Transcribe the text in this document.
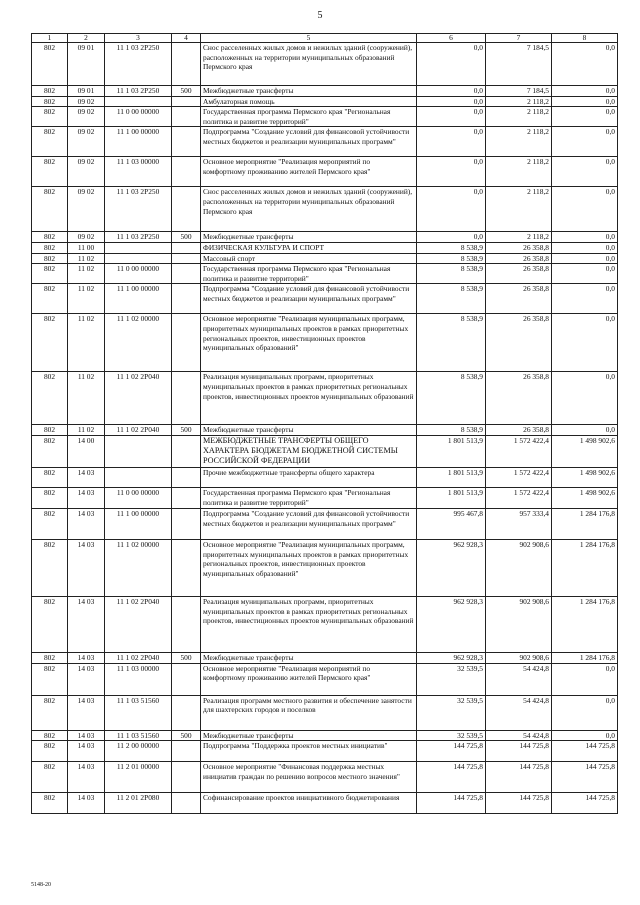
5
1	2	3	4	5	6	7	8
802	09 01	11 1 03 2P250		Снос расселенных жилых домов и нежилых зданий (сооружений), расположенных на территории муниципальных образований Пермского края	0,0	7 184,5	0,0
802	09 01	11 1 03 2P250	500	Межбюджетные трансферты	0,0	7 184,5	0,0
802	09 02			Амбулаторная помощь	0,0	2 118,2	0,0
802	09 02	11 0 00 00000		Государственная программа Пермского края "Региональная политика и развитие территорий"	0,0	2 118,2	0,0
802	09 02	11 1 00 00000		Подпрограмма "Создание условий для финансовой устойчивости местных бюджетов и реализации муниципальных программ"	0,0	2 118,2	0,0
802	09 02	11 1 03 00000		Основное мероприятие "Реализация мероприятий по комфортному проживанию жителей Пермского края"	0,0	2 118,2	0,0
802	09 02	11 1 03 2P250		Снос расселенных жилых домов и нежилых зданий (сооружений), расположенных на территории муниципальных образований Пермского края	0,0	2 118,2	0,0
802	09 02	11 1 03 2P250	500	Межбюджетные трансферты	0,0	2 118,2	0,0
802	11 00			ФИЗИЧЕСКАЯ КУЛЬТУРА И СПОРТ	8 538,9	26 358,8	0,0
802	11 02			Массовый спорт	8 538,9	26 358,8	0,0
802	11 02	11 0 00 00000		Государственная программа Пермского края "Региональная политика и развитие территорий"	8 538,9	26 358,8	0,0
802	11 02	11 1 00 00000		Подпрограмма "Создание условий для финансовой устойчивости местных бюджетов и реализации муниципальных программ"	8 538,9	26 358,8	0,0
802	11 02	11 1 02 00000		Основное мероприятие "Реализация муниципальных программ, приоритетных муниципальных проектов в рамках приоритетных региональных проектов, инвестиционных проектов муниципальных образований"	8 538,9	26 358,8	0,0
802	11 02	11 1 02 2P040		Реализация муниципальных программ, приоритетных муниципальных проектов в рамках приоритетных региональных проектов, инвестиционных проектов муниципальных образований	8 538,9	26 358,8	0,0
802	11 02	11 1 02 2P040	500	Межбюджетные трансферты	8 538,9	26 358,8	0,0
802	14 00			МЕЖБЮДЖЕТНЫЕ ТРАНСФЕРТЫ ОБЩЕГО ХАРАКТЕРА БЮДЖЕТАМ БЮДЖЕТНОЙ СИСТЕМЫ РОССИЙСКОЙ ФЕДЕРАЦИИ	1 801 513,9	1 572 422,4	1 498 902,6
802	14 03			Прочие межбюджетные трансферты общего характера	1 801 513,9	1 572 422,4	1 498 902,6
802	14 03	11 0 00 00000		Государственная программа Пермского края "Региональная политика и развитие территорий"	1 801 513,9	1 572 422,4	1 498 902,6
802	14 03	11 1 00 00000		Подпрограмма "Создание условий для финансовой устойчивости местных бюджетов и реализации муниципальных программ"	995 467,8	957 333,4	1 284 176,8
802	14 03	11 1 02 00000		Основное мероприятие "Реализация муниципальных программ, приоритетных муниципальных проектов в рамках приоритетных региональных проектов, инвестиционных проектов муниципальных образований"	962 928,3	902 908,6	1 284 176,8
802	14 03	11 1 02 2P040		Реализация муниципальных программ, приоритетных муниципальных проектов в рамках приоритетных региональных проектов, инвестиционных проектов муниципальных образований	962 928,3	902 908,6	1 284 176,8
802	14 03	11 1 02 2P040	500	Межбюджетные трансферты	962 928,3	902 908,6	1 284 176,8
802	14 03	11 1 03 00000		Основное мероприятие "Реализация мероприятий по комфортному проживанию жителей Пермского края"	32 539,5	54 424,8	0,0
802	14 03	11 1 03 51560		Реализация программ местного развития и обеспечение занятости для шахтерских городов и поселков	32 539,5	54 424,8	0,0
802	14 03	11 1 03 51560	500	Межбюджетные трансферты	32 539,5	54 424,8	0,0
802	14 03	11 2 00 00000		Подпрограмма "Поддержка проектов местных инициатив"	144 725,8	144 725,8	144 725,8
802	14 03	11 2 01 00000		Основное мероприятие "Финансовая поддержка местных инициатив граждан по решению вопросов местного значения"	144 725,8	144 725,8	144 725,8
802	14 03	11 2 01 2P080		Софинансирование проектов инициативного бюджетирования	144 725,8	144 725,8	144 725,8
5148-20
